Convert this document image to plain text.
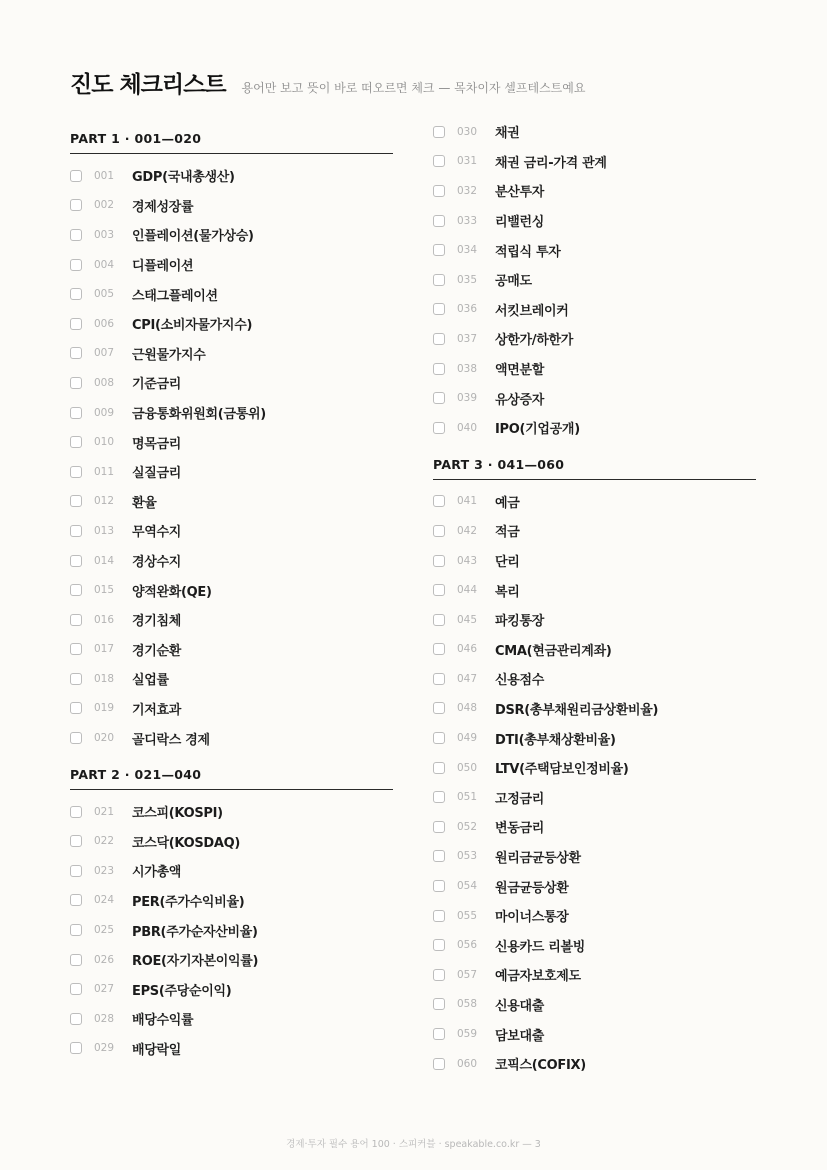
진도 체크리스트 용어만 보고 뜻이 바로 떠오르면 체크 — 목차이자 셀프테스트예요
PART 1 · 001—020
001	GDP(국내총생산)
002	경제성장률
003	인플레이션(물가상승)
004	디플레이션
005	스태그플레이션
006	CPI(소비자물가지수)
007	근원물가지수
008	기준금리
009	금융통화위원회(금통위)
010	명목금리
011	실질금리
012	환율
013	무역수지
014	경상수지
015	양적완화(QE)
016	경기침체
017	경기순환
018	실업률
019	기저효과
020	골디락스 경제
PART 2 · 021—040
021	코스피(KOSPI)
022	코스닥(KOSDAQ)
023	시가총액
024	PER(주가수익비율)
025	PBR(주가순자산비율)
026	ROE(자기자본이익률)
027	EPS(주당순이익)
028	배당수익률
029	배당락일
030	채권
031	채권 금리-가격 관계
032	분산투자
033	리밸런싱
034	적립식 투자
035	공매도
036	서킷브레이커
037	상한가/하한가
038	액면분할
039	유상증자
040	IPO(기업공개)
PART 3 · 041—060
041	예금
042	적금
043	단리
044	복리
045	파킹통장
046	CMA(현금관리계좌)
047	신용점수
048	DSR(총부채원리금상환비율)
049	DTI(총부채상환비율)
050	LTV(주택담보인정비율)
051	고정금리
052	변동금리
053	원리금균등상환
054	원금균등상환
055	마이너스통장
056	신용카드 리볼빙
057	예금자보호제도
058	신용대출
059	담보대출
060	코픽스(COFIX)
경제·투자 필수 용어 100 · 스피커블 · speakable.co.kr — 3
